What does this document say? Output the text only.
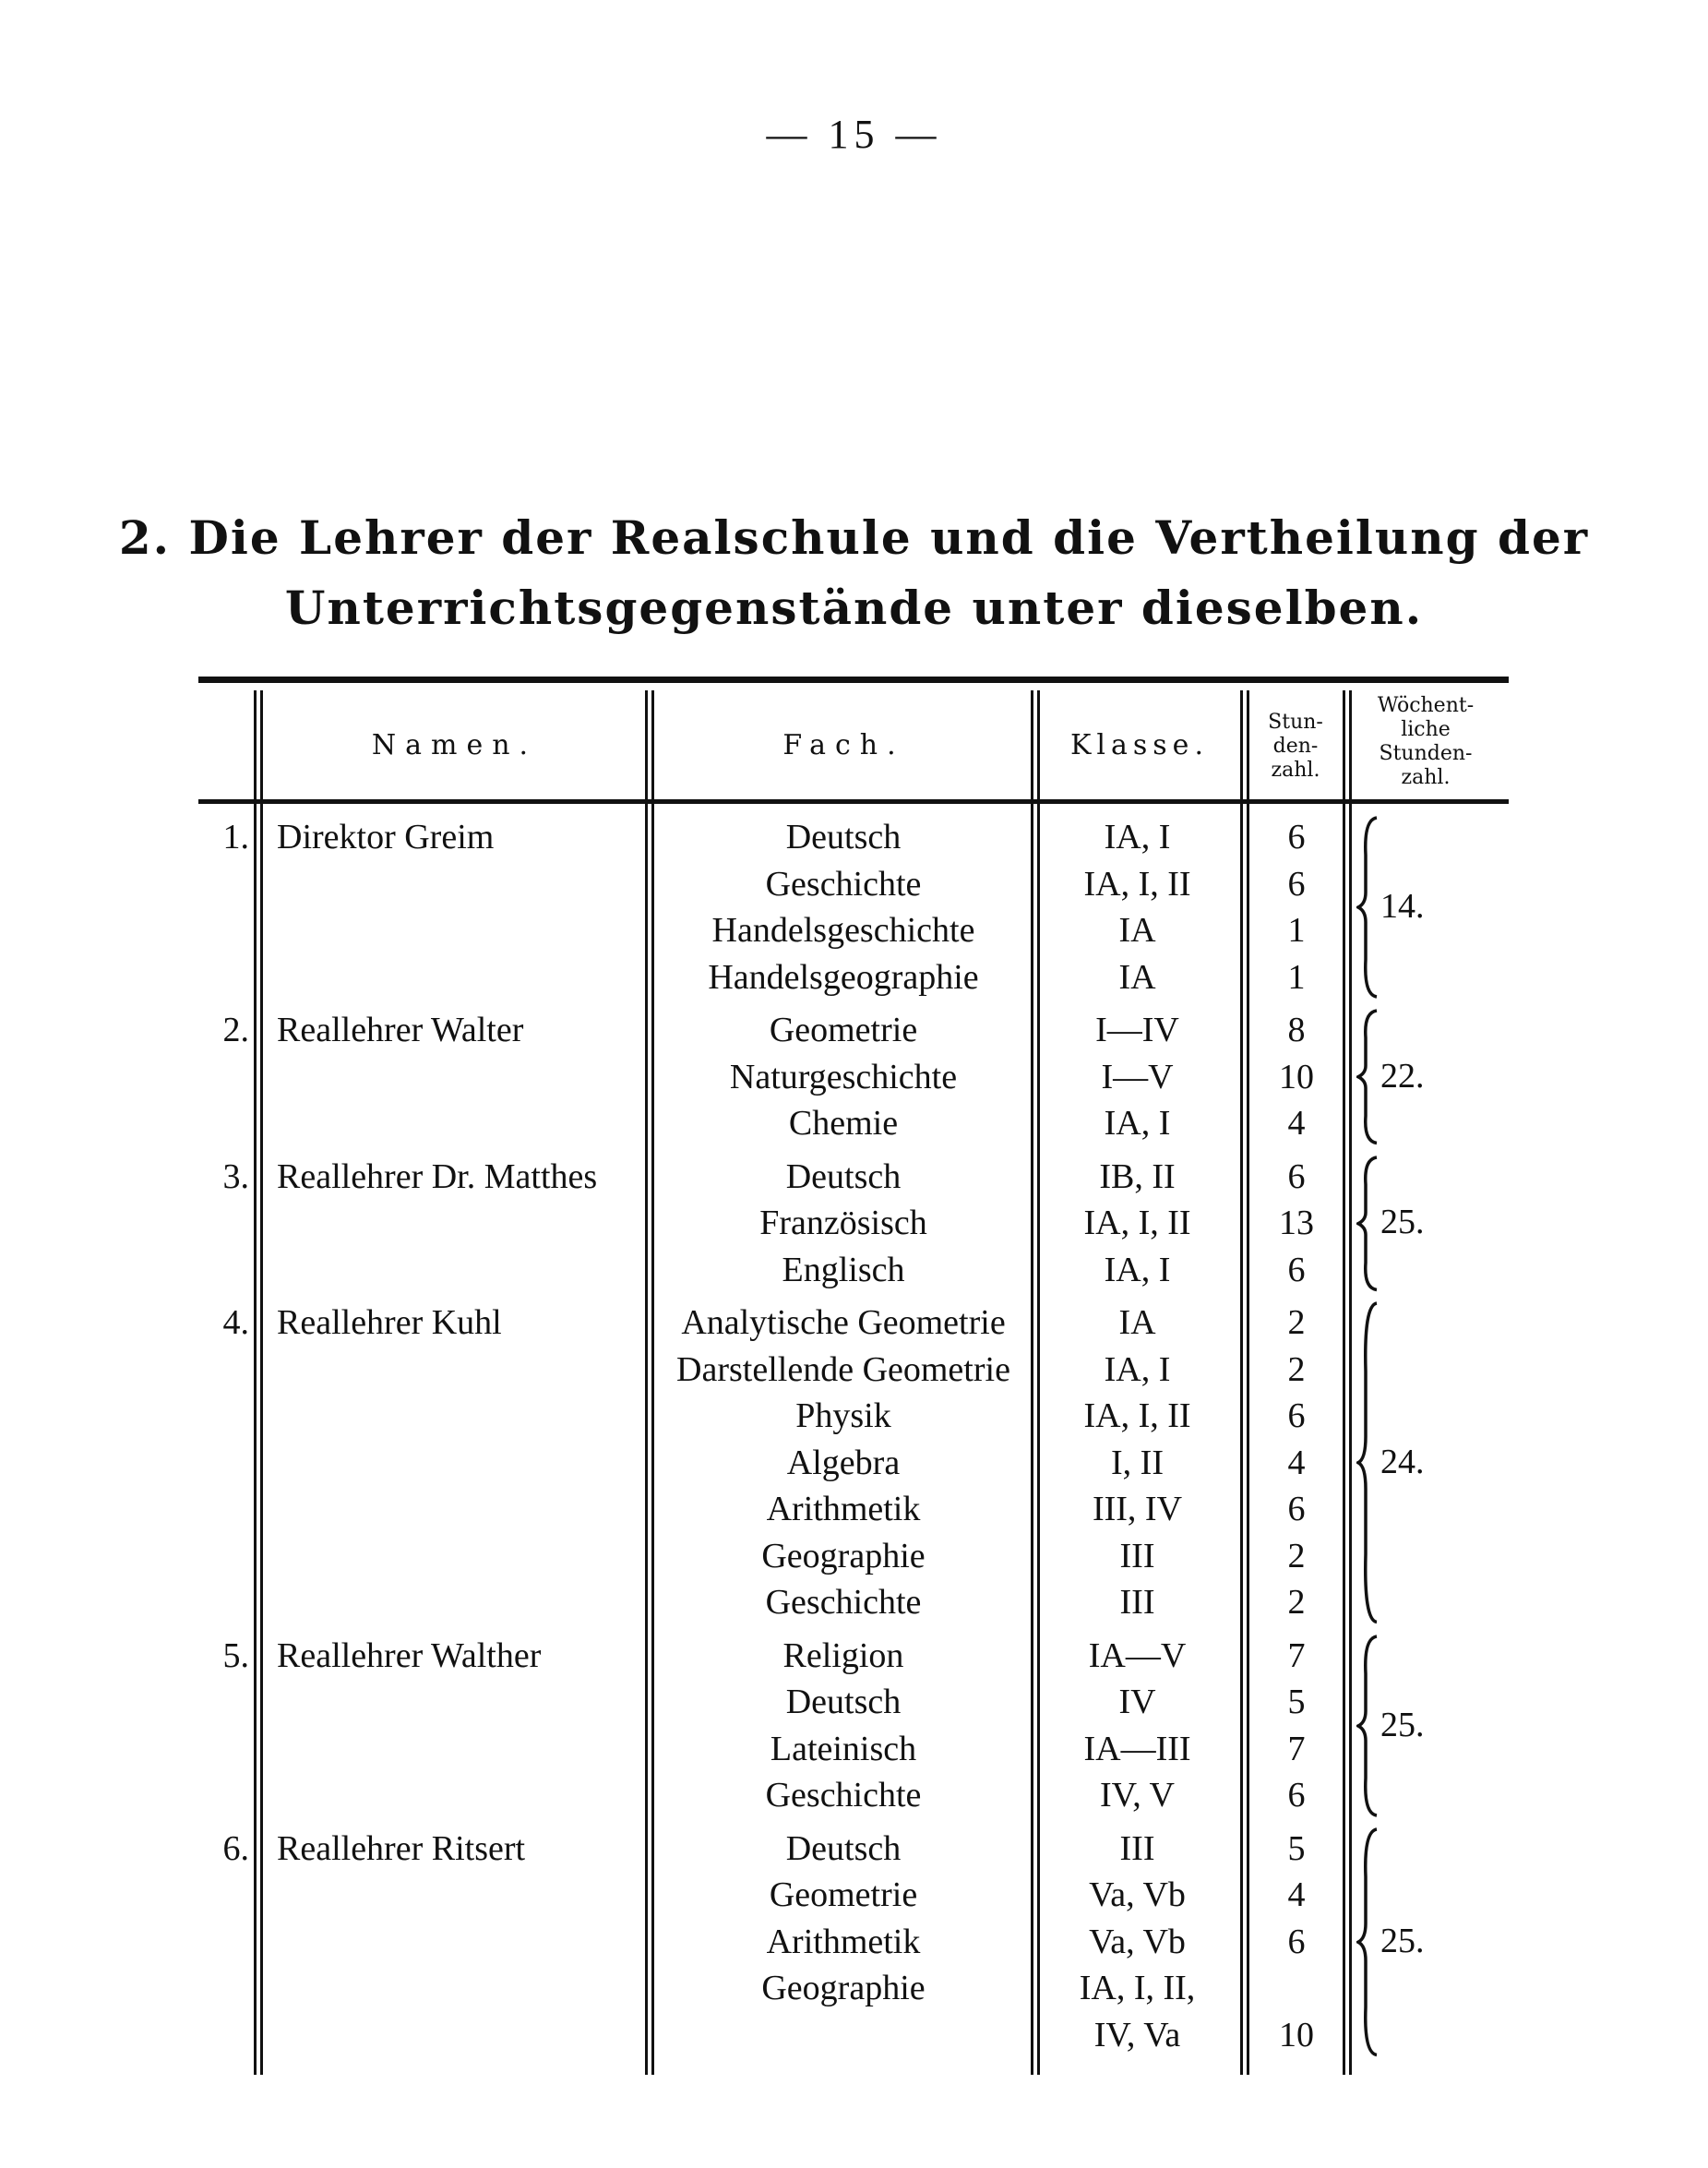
— 15 —
2. Die Lehrer der Realschule und die Vertheilung der
Unterrichtsgegenstände unter dieselben.
Namen.	Fach.	Klasse.
Stun-
den-
zahl.
Wöchent-
liche
Stunden-
zahl.
1. Direktor Greim	Deutsch	IA, I	6
Geschichte	IA, I, II	6
Handelsgeschichte	IA	1
Handelsgeographie	IA	1
14.
2. Reallehrer Walter	Geometrie	I—IV	8
Naturgeschichte	I—V	10
Chemie	IA, I	4
22.
3. Reallehrer Dr. Matthes	Deutsch	IB, II	6
Französisch	IA, I, II	13
Englisch	IA, I	6
25.
4. Reallehrer Kuhl	Analytische Geometrie	IA	2
Darstellende Geometrie	IA, I	2
Physik	IA, I, II	6
Algebra	I, II	4
Arithmetik	III, IV	6
Geographie	III	2
Geschichte	III	2
24.
5. Reallehrer Walther	Religion	IA—V	7
Deutsch	IV	5
Lateinisch	IA—III	7
Geschichte	IV, V	6
25.
6. Reallehrer Ritsert	Deutsch	III	5
Geometrie	Va, Vb	4
Arithmetik	Va, Vb	6
Geographie	IA, I, II,
IV, Va	10
25.
